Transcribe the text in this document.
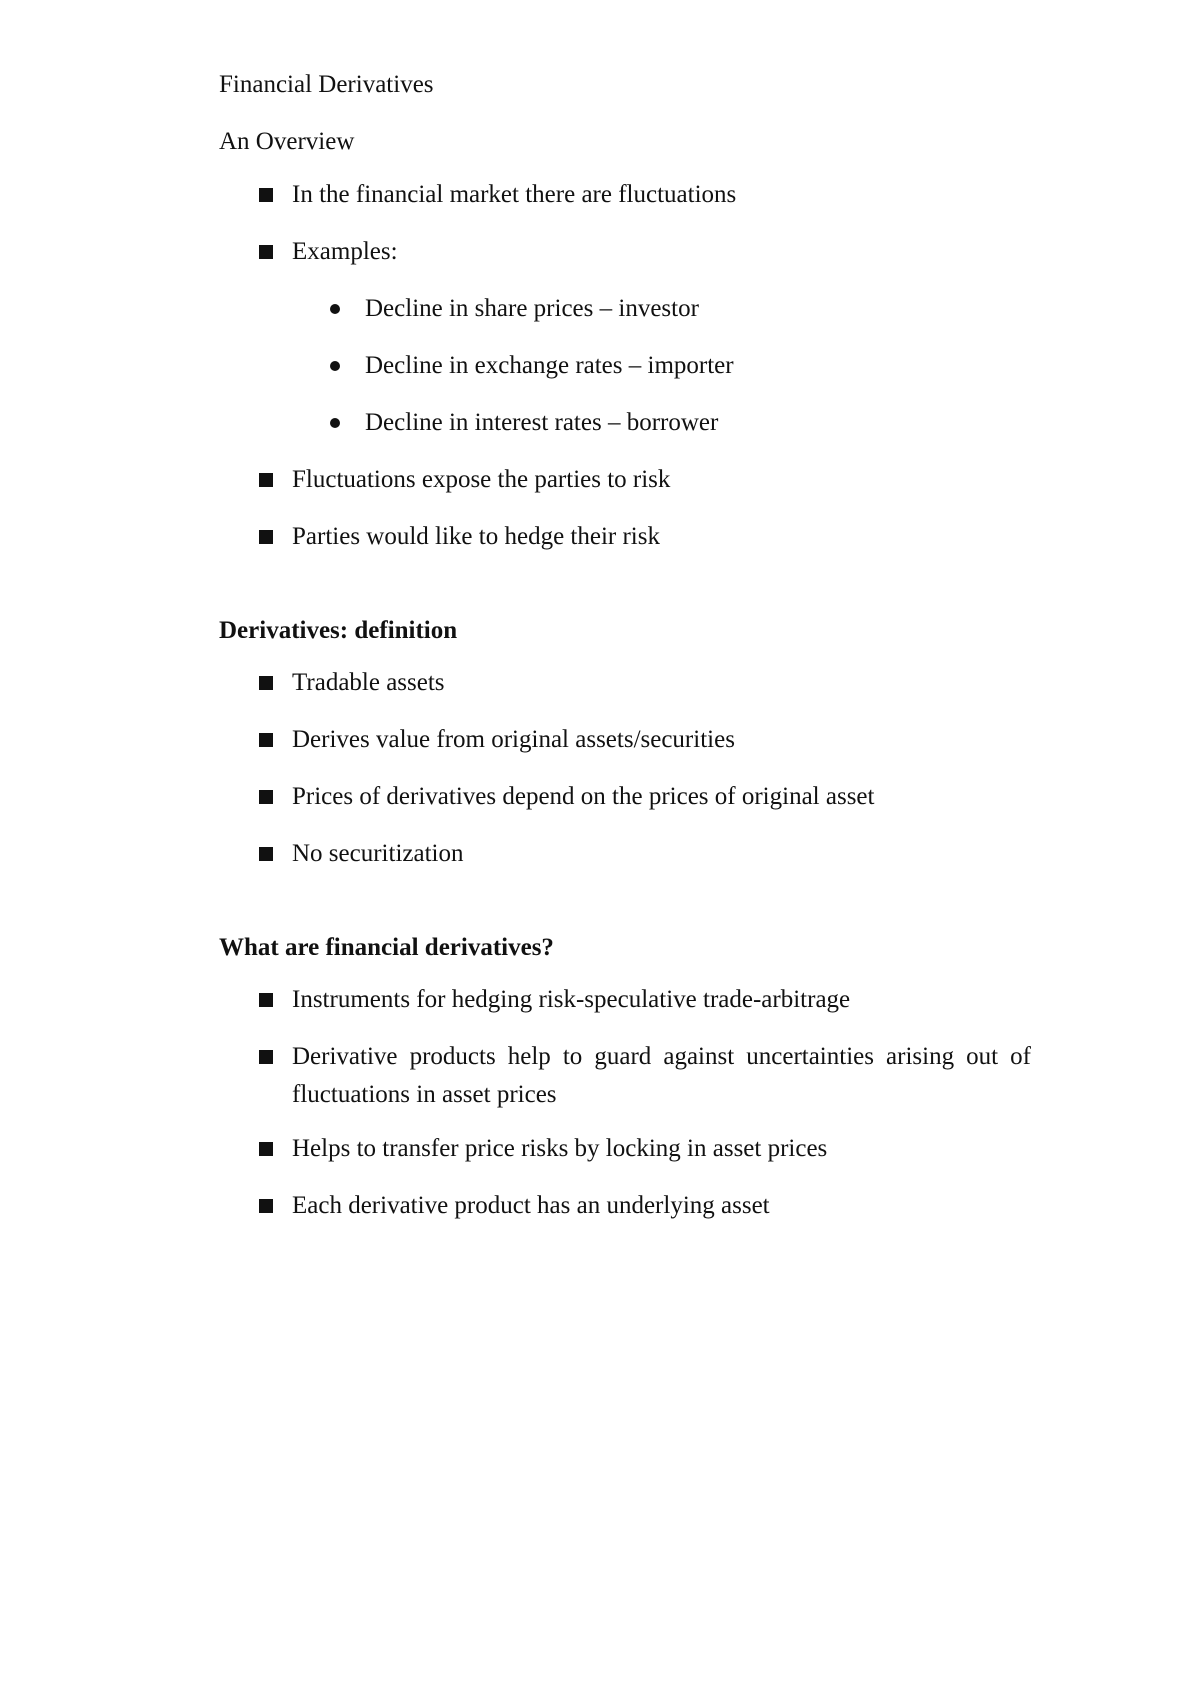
Financial Derivatives

An Overview

In the financial market there are fluctuations
Examples:
Decline in share prices – investor
Decline in exchange rates – importer
Decline in interest rates – borrower
Fluctuations expose the parties to risk
Parties would like to hedge their risk

Derivatives: definition

Tradable assets
Derives value from original assets/securities
Prices of derivatives depend on the prices of original asset
No securitization

What are financial derivatives?

Instruments for hedging risk-speculative trade-arbitrage
Derivative products help to guard against uncertainties arising out of fluctuations in asset prices
Helps to transfer price risks by locking in asset prices
Each derivative product has an underlying asset
